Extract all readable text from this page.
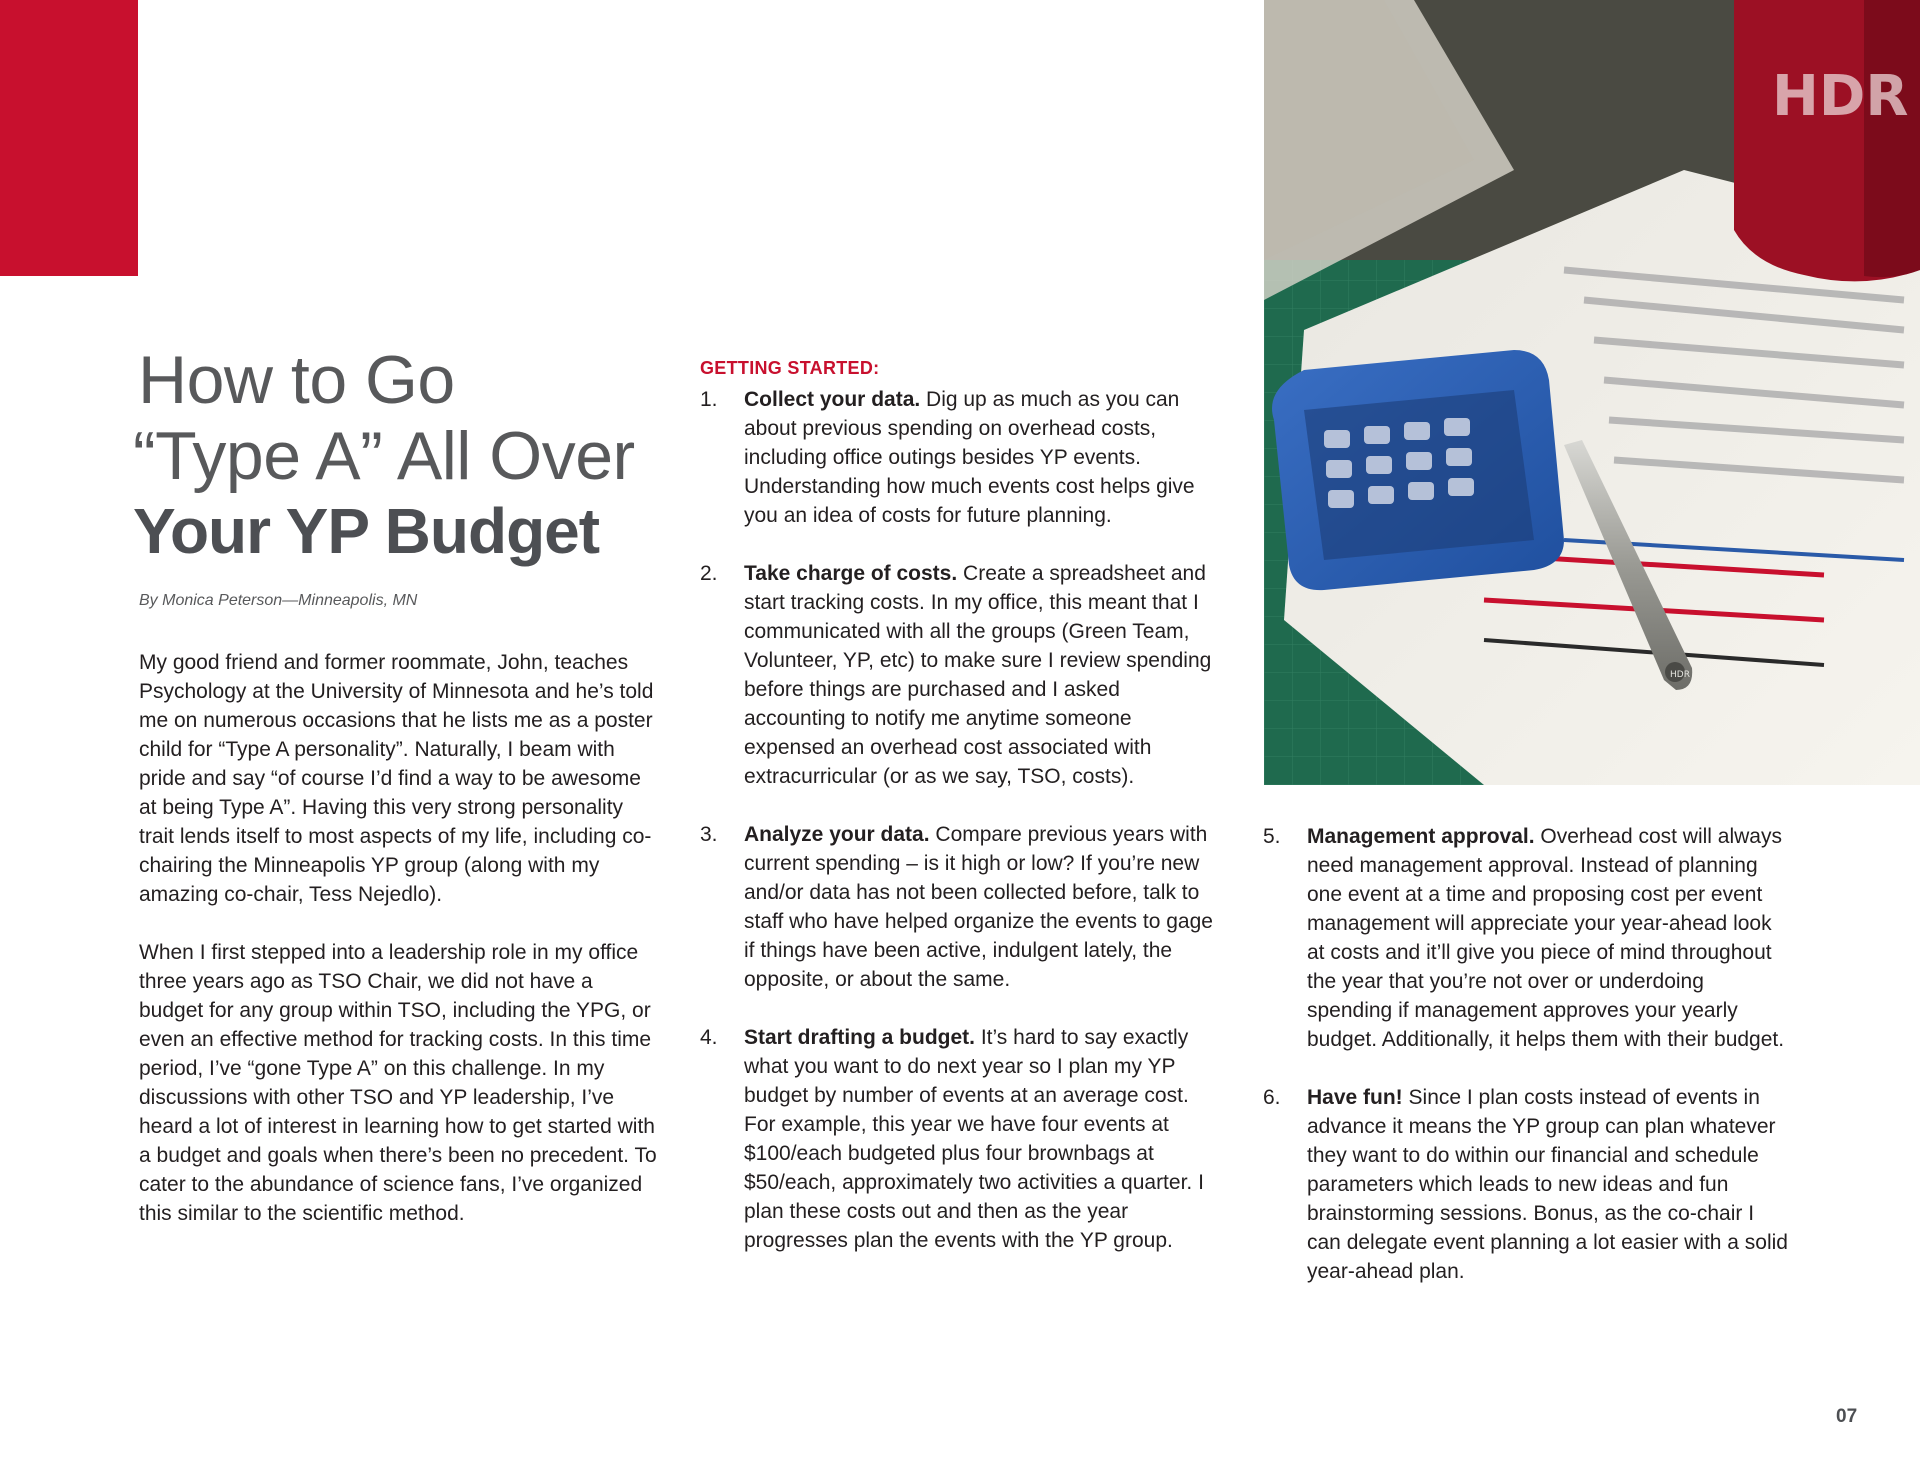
How to Go
“Type A” All Over
Your YP Budget
By Monica Peterson—Minneapolis, MN

My good friend and former roommate, John, teaches Psychology at the University of Minnesota and he’s told me on numerous occasions that he lists me as a poster child for “Type A personality”. Naturally, I beam with pride and say “of course I’d find a way to be awesome at being Type A”. Having this very strong personality trait lends itself to most aspects of my life, including co-chairing the Minneapolis YP group (along with my amazing co-chair, Tess Nejedlo).

When I first stepped into a leadership role in my office three years ago as TSO Chair, we did not have a budget for any group within TSO, including the YPG, or even an effective method for tracking costs. In this time period, I’ve “gone Type A” on this challenge. In my discussions with other TSO and YP leadership, I’ve heard a lot of interest in learning how to get started with a budget and goals when there’s been no precedent. To cater to the abundance of science fans, I’ve organized this similar to the scientific method.

GETTING STARTED:
1. Collect your data. Dig up as much as you can about previous spending on overhead costs, including office outings besides YP events. Understanding how much events cost helps give you an idea of costs for future planning.
2. Take charge of costs. Create a spreadsheet and start tracking costs. In my office, this meant that I communicated with all the groups (Green Team, Volunteer, YP, etc) to make sure I review spending before things are purchased and I asked accounting to notify me anytime someone expensed an overhead cost associated with extracurricular (or as we say, TSO, costs).
3. Analyze your data. Compare previous years with current spending – is it high or low? If you’re new and/or data has not been collected before, talk to staff who have helped organize the events to gage if things have been active, indulgent lately, the opposite, or about the same.
4. Start drafting a budget. It’s hard to say exactly what you want to do next year so I plan my YP budget by number of events at an average cost. For example, this year we have four events at $100/each budgeted plus four brownbags at $50/each, approximately two activities a quarter. I plan these costs out and then as the year progresses plan the events with the YP group.
HDR
HDR
5. Management approval. Overhead cost will always need management approval. Instead of planning one event at a time and proposing cost per event management will appreciate your year-ahead look at costs and it’ll give you piece of mind throughout the year that you’re not over or underdoing spending if management approves your yearly budget. Additionally, it helps them with their budget.
6. Have fun! Since I plan costs instead of events in advance it means the YP group can plan whatever they want to do within our financial and schedule parameters which leads to new ideas and fun brainstorming sessions. Bonus, as the co-chair I can delegate event planning a lot easier with a solid year-ahead plan.
07
